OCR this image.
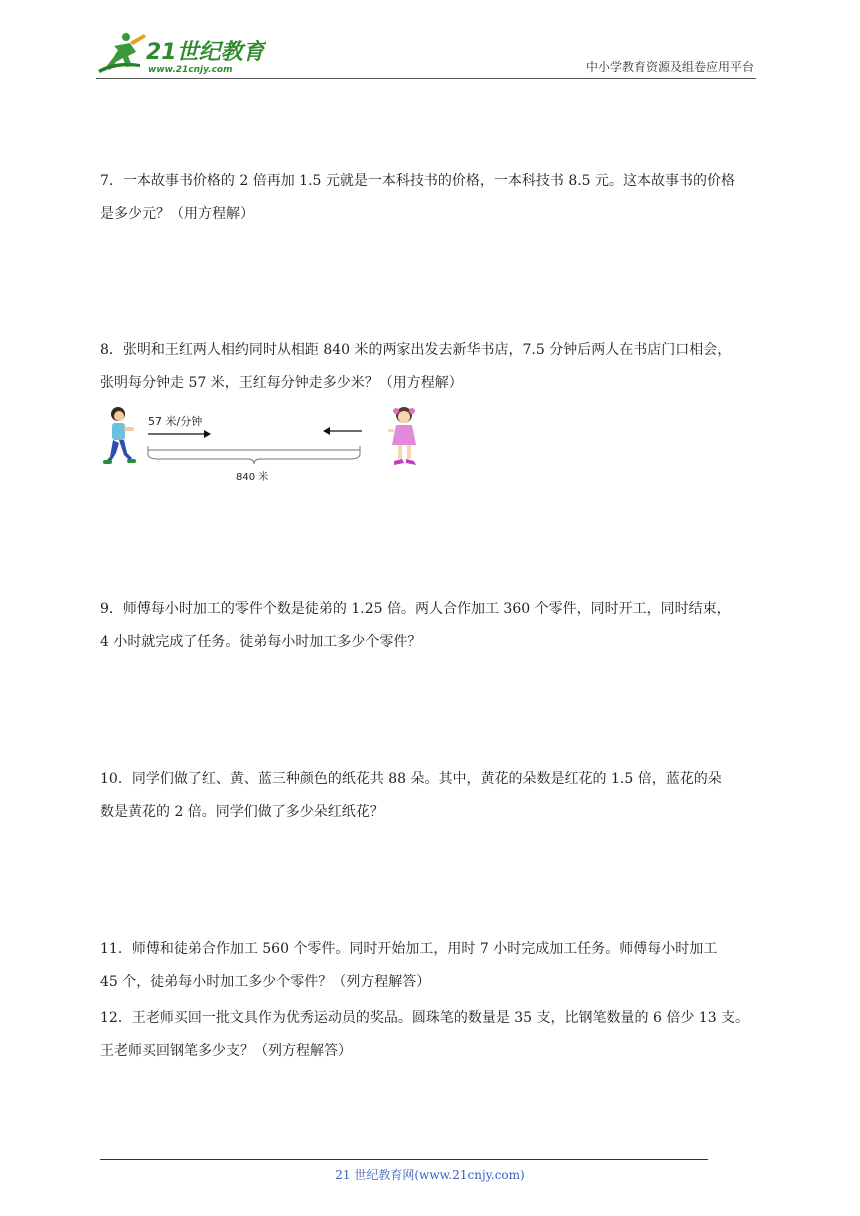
21世纪教育
www.21cnjy.com	中小学教育资源及组卷应用平台
7．一本故事书价格的 2 倍再加 1.5 元就是一本科技书的价格，一本科技书 8.5 元。这本故事书的价格
是多少元？（用方程解）
8．张明和王红两人相约同时从相距 840 米的两家出发去新华书店，7.5 分钟后两人在书店门口相会，
张明每分钟走 57 米，王红每分钟走多少米？（用方程解）
57 米/分钟
840 米
9．师傅每小时加工的零件个数是徒弟的 1.25 倍。两人合作加工 360 个零件，同时开工，同时结束，
4 小时就完成了任务。徒弟每小时加工多少个零件？
10．同学们做了红、黄、蓝三种颜色的纸花共 88 朵。其中，黄花的朵数是红花的 1.5 倍，蓝花的朵
数是黄花的 2 倍。同学们做了多少朵红纸花？
11．师傅和徒弟合作加工 560 个零件。同时开始加工，用时 7 小时完成加工任务。师傅每小时加工
45 个，徒弟每小时加工多少个零件？（列方程解答）
12．王老师买回一批文具作为优秀运动员的奖品。圆珠笔的数量是 35 支，比钢笔数量的 6 倍少 13 支。
王老师买回钢笔多少支？（列方程解答）
21 世纪教育网(www.21cnjy.com)
